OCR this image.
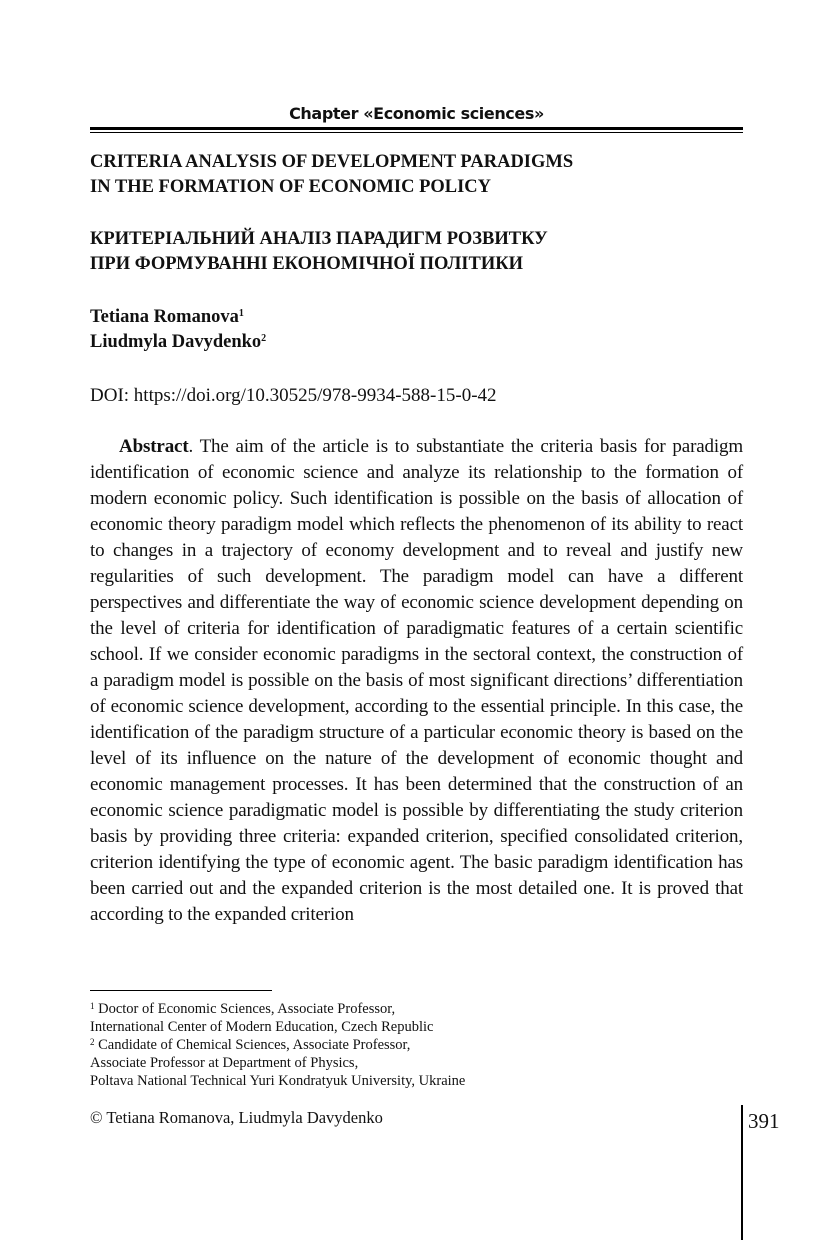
Chapter «Economic sciences»
CRITERIA ANALYSIS OF DEVELOPMENT PARADIGMS
IN THE FORMATION OF ECONOMIC POLICY
КРИТЕРІАЛЬНИЙ АНАЛІЗ ПАРАДИГМ РОЗВИТКУ
ПРИ ФОРМУВАННІ ЕКОНОМІЧНОЇ ПОЛІТИКИ
Tetiana Romanova$^1$
Liudmyla Davydenko$^2$
DOI: https://doi.org/10.30525/978-9934-588-15-0-42

Abstract. The aim of the article is to substantiate the criteria basis for paradigm identification of economic science and analyze its relationship to the formation of modern economic policy. Such identification is possible on the basis of allocation of economic theory paradigm model which reflects the phenomenon of its ability to react to changes in a trajectory of economy development and to reveal and justify new regularities of such development. The paradigm model can have a different perspectives and differentiate the way of economic science development depending on the level of criteria for identification of paradigmatic features of a certain scientific school. If we consider economic paradigms in the sectoral context, the construction of a paradigm model is possible on the basis of most significant directions’ differentiation of economic science development, according to the essential principle. In this case, the identification of the paradigm structure of a particular economic theory is based on the level of its influence on the nature of the development of economic thought and economic management processes. It has been determined that the construction of an economic science paradigmatic model is possible by differentiating the study criterion basis by providing three criteria: expanded criterion, specified consolidated criterion, criterion identifying the type of economic agent. The basic paradigm identification has been carried out and the expanded criterion is the most detailed one. It is proved that according to the expanded criterion

$^1$ Doctor of Economic Sciences, Associate Professor,
International Center of Modern Education, Czech Republic
$^2$ Candidate of Chemical Sciences, Associate Professor,
Associate Professor at Department of Physics,
Poltava National Technical Yuri Kondratyuk University, Ukraine
© Tetiana Romanova, Liudmyla Davydenko	391
